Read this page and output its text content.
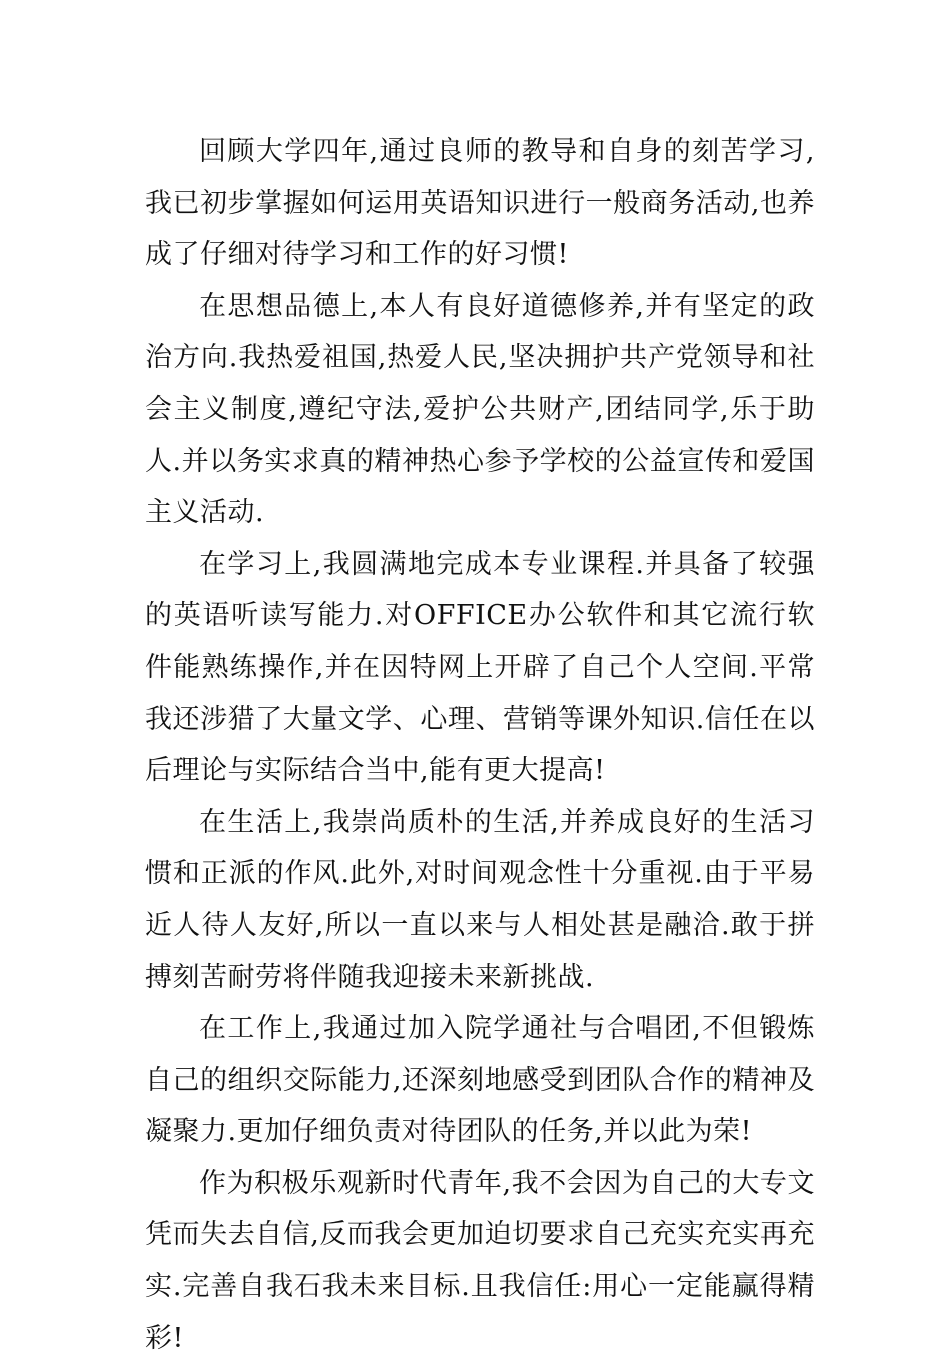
回顾大学四年,通过良师的教导和自身的刻苦学习,我已初步掌握如何运用英语知识进行一般商务活动,也养成了仔细对待学习和工作的好习惯!

在思想品德上,本人有良好道德修养,并有坚定的政治方向.我热爱祖国,热爱人民,坚决拥护共产党领导和社会主义制度,遵纪守法,爱护公共财产,团结同学,乐于助人.并以务实求真的精神热心参予学校的公益宣传和爱国主义活动.

在学习上,我圆满地完成本专业课程.并具备了较强的英语听读写能力.对OFFICE办公软件和其它流行软件能熟练操作,并在因特网上开辟了自己个人空间.平常我还涉猎了大量文学、心理、营销等课外知识.信任在以后理论与实际结合当中,能有更大提高!

在生活上,我崇尚质朴的生活,并养成良好的生活习惯和正派的作风.此外,对时间观念性十分重视.由于平易近人待人友好,所以一直以来与人相处甚是融洽.敢于拼搏刻苦耐劳将伴随我迎接未来新挑战.

在工作上,我通过加入院学通社与合唱团,不但锻炼自己的组织交际能力,还深刻地感受到团队合作的精神及凝聚力.更加仔细负责对待团队的任务,并以此为荣!

作为积极乐观新时代青年,我不会因为自己的大专文凭而失去自信,反而我会更加迫切要求自己充实充实再充实.完善自我石我未来目标.且我信任:用心一定能赢得精彩!
